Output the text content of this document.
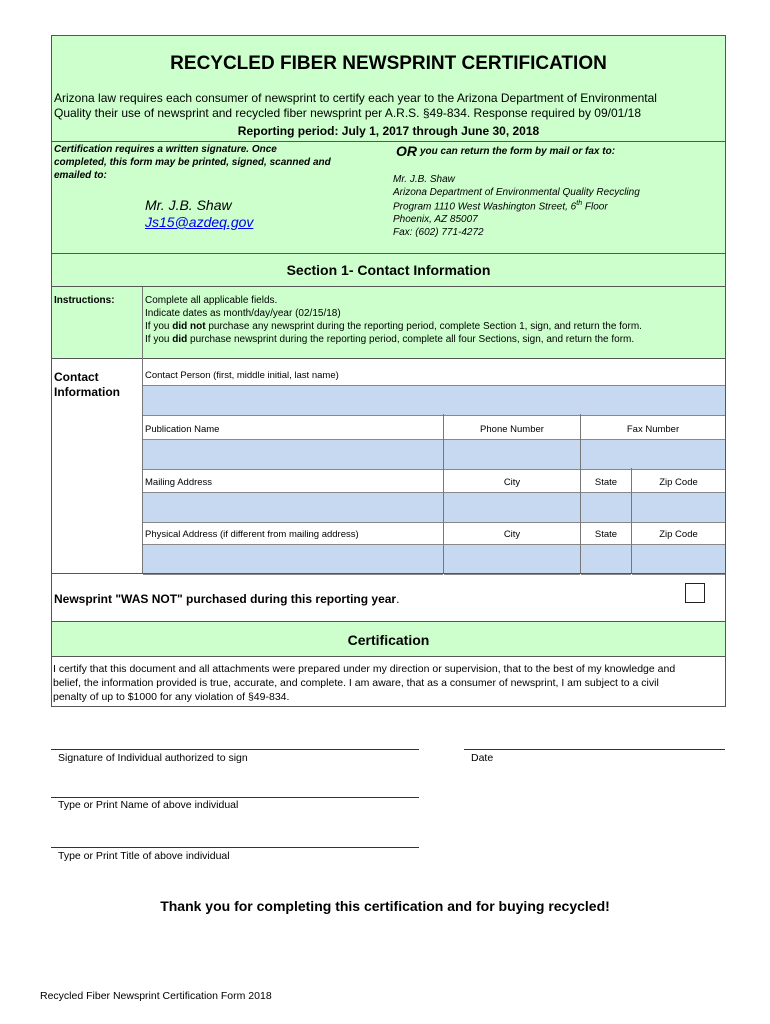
RECYCLED FIBER NEWSPRINT CERTIFICATION
Arizona law requires each consumer of newsprint to certify each year to the Arizona Department of Environmental
Quality their use of newsprint and recycled fiber newsprint per A.R.S. §49-834. Response required by 09/01/18
Reporting period: July 1, 2017 through June 30, 2018
Certification requires a written signature. Once
completed, this form may be printed, signed, scanned and
emailed to:
Mr. J.B. Shaw
Js15@azdeq.gov
OR you can return the form by mail or fax to:
Mr. J.B. Shaw
Arizona Department of Environmental Quality Recycling
Program 1110 West Washington Street, 6th Floor
Phoenix, AZ 85007
Fax: (602) 771-4272
Section 1- Contact Information
Instructions:	Complete all applicable fields.
Indicate dates as month/day/year (02/15/18)
If you did not purchase any newsprint during the reporting period, complete Section 1, sign, and return the form.
If you did purchase newsprint during the reporting period, complete all four Sections, sign, and return the form.
Contact
Information
Contact Person (first, middle initial, last name)
Publication Name	Phone Number	Fax Number
Mailing Address	City	State	Zip Code
Physical Address (if different from mailing address)	City	State	Zip Code
Newsprint "WAS NOT" purchased during this reporting year.
Certification
I certify that this document and all attachments were prepared under my direction or supervision, that to the best of my knowledge and
belief, the information provided is true, accurate, and complete. I am aware, that as a consumer of newsprint, I am subject to a civil
penalty of up to $1000 for any violation of §49-834.
Signature of Individual authorized to sign	Date
Type or Print Name of above individual
Type or Print Title of above individual
Thank you for completing this certification and for buying recycled!
Recycled Fiber Newsprint Certification Form 2018
